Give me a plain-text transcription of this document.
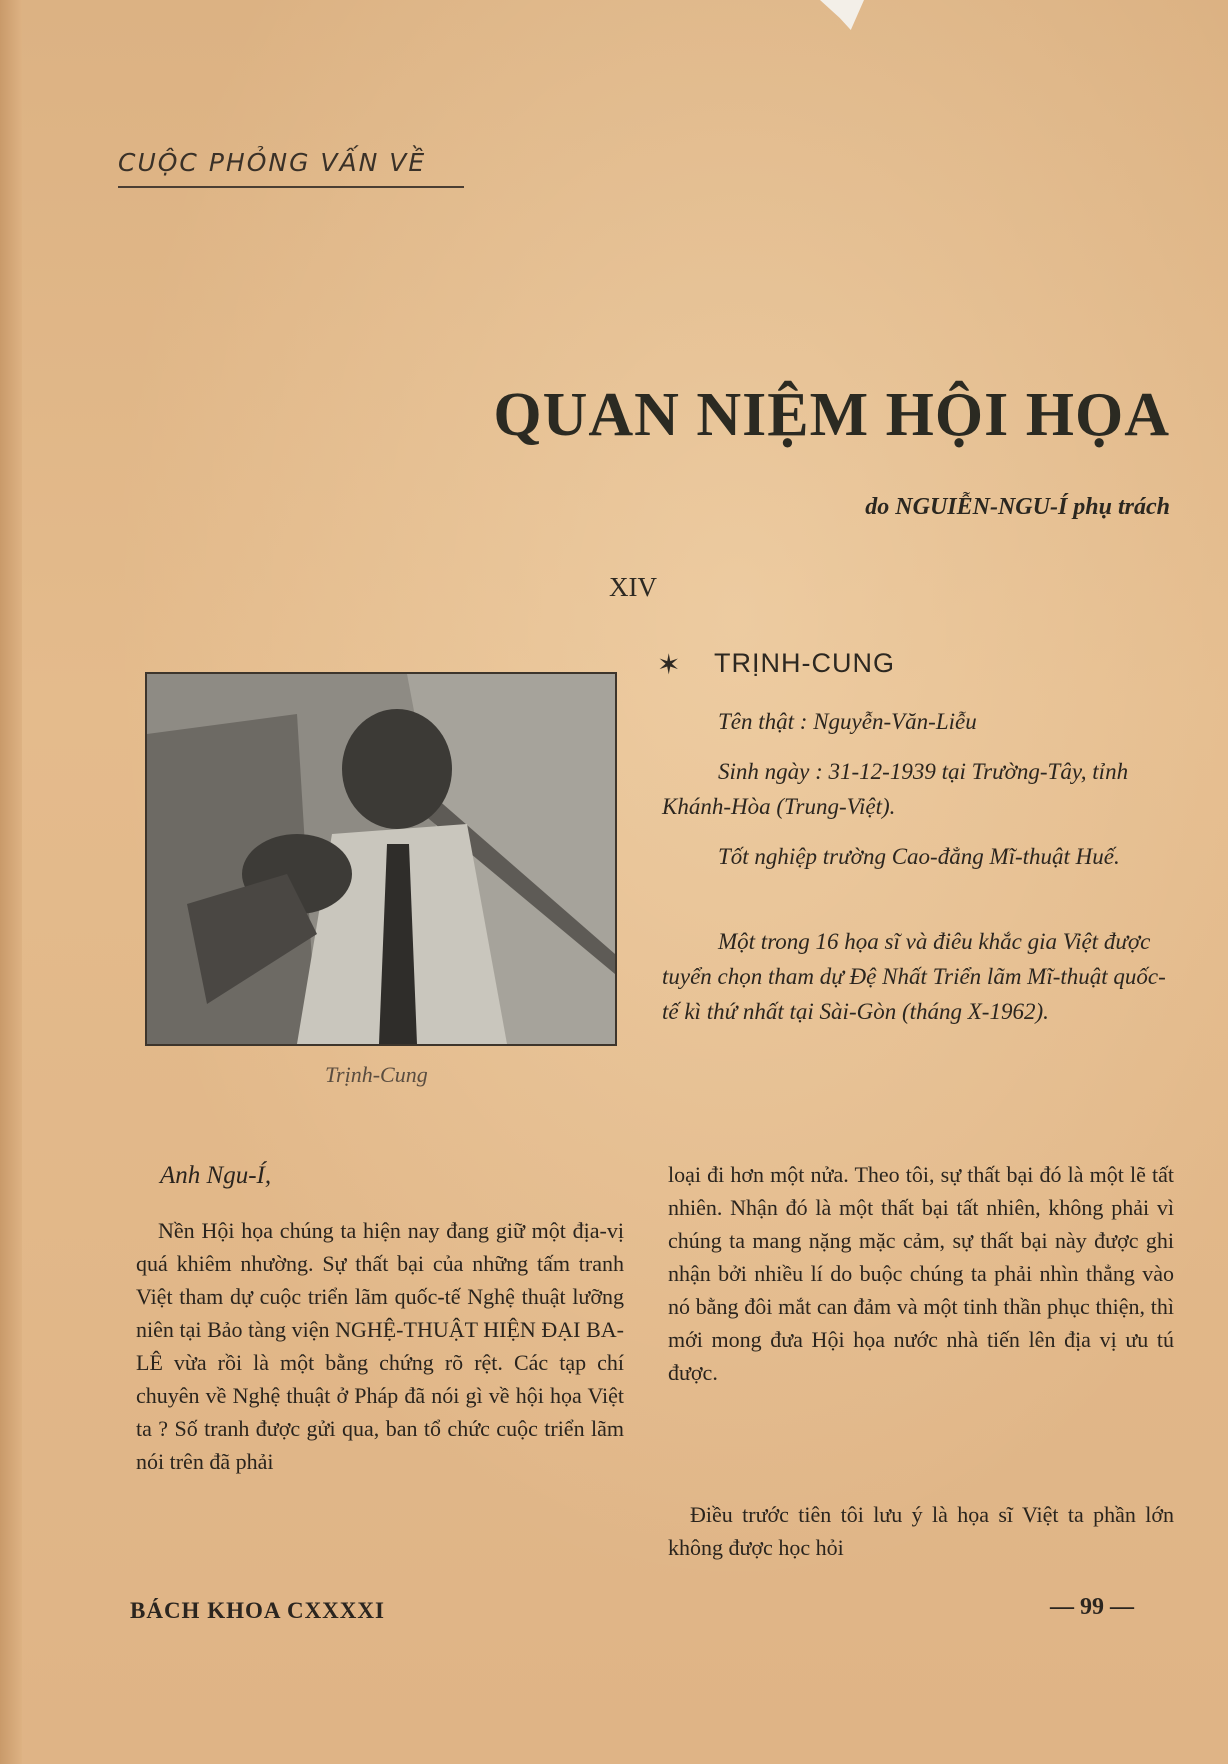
CUỘC PHỎNG VẤN VỀ
QUAN NIỆM HỘI HỌA
do NGUIỄN-NGU-Í phụ trách
XIV
Trịnh-Cung
✶ TRỊNH-CUNG

Tên thật : Nguyễn-Văn-Liễu

Sinh ngày : 31-12-1939 tại Trường-Tây, tỉnh Khánh-Hòa (Trung-Việt).

Tốt nghiệp trường Cao-đẳng Mĩ-thuật Huế.

Một trong 16 họa sĩ và điêu khắc gia Việt được tuyển chọn tham dự Đệ Nhất Triển lãm Mĩ-thuật quốc-tế kì thứ nhất tại Sài-Gòn (tháng X-1962).

Anh Ngu-Í,

Nền Hội họa chúng ta hiện nay đang giữ một địa-vị quá khiêm nhường. Sự thất bại của những tấm tranh Việt tham dự cuộc triển lãm quốc-tế Nghệ thuật lưỡng niên tại Bảo tàng viện NGHỆ-THUẬT HIỆN ĐẠI BA-LÊ vừa rồi là một bằng chứng rõ rệt. Các tạp chí chuyên về Nghệ thuật ở Pháp đã nói gì về hội họa Việt ta ? Số tranh được gửi qua, ban tổ chức cuộc triển lãm nói trên đã phải

loại đi hơn một nửa. Theo tôi, sự thất bại đó là một lẽ tất nhiên. Nhận đó là một thất bại tất nhiên, không phải vì chúng ta mang nặng mặc cảm, sự thất bại này được ghi nhận bởi nhiều lí do buộc chúng ta phải nhìn thẳng vào nó bằng đôi mắt can đảm và một tinh thần phục thiện, thì mới mong đưa Hội họa nước nhà tiến lên địa vị ưu tú được.

Điều trước tiên tôi lưu ý là họa sĩ Việt ta phần lớn không được học hỏi

BÁCH KHOA CXXXXI	— 99 —
